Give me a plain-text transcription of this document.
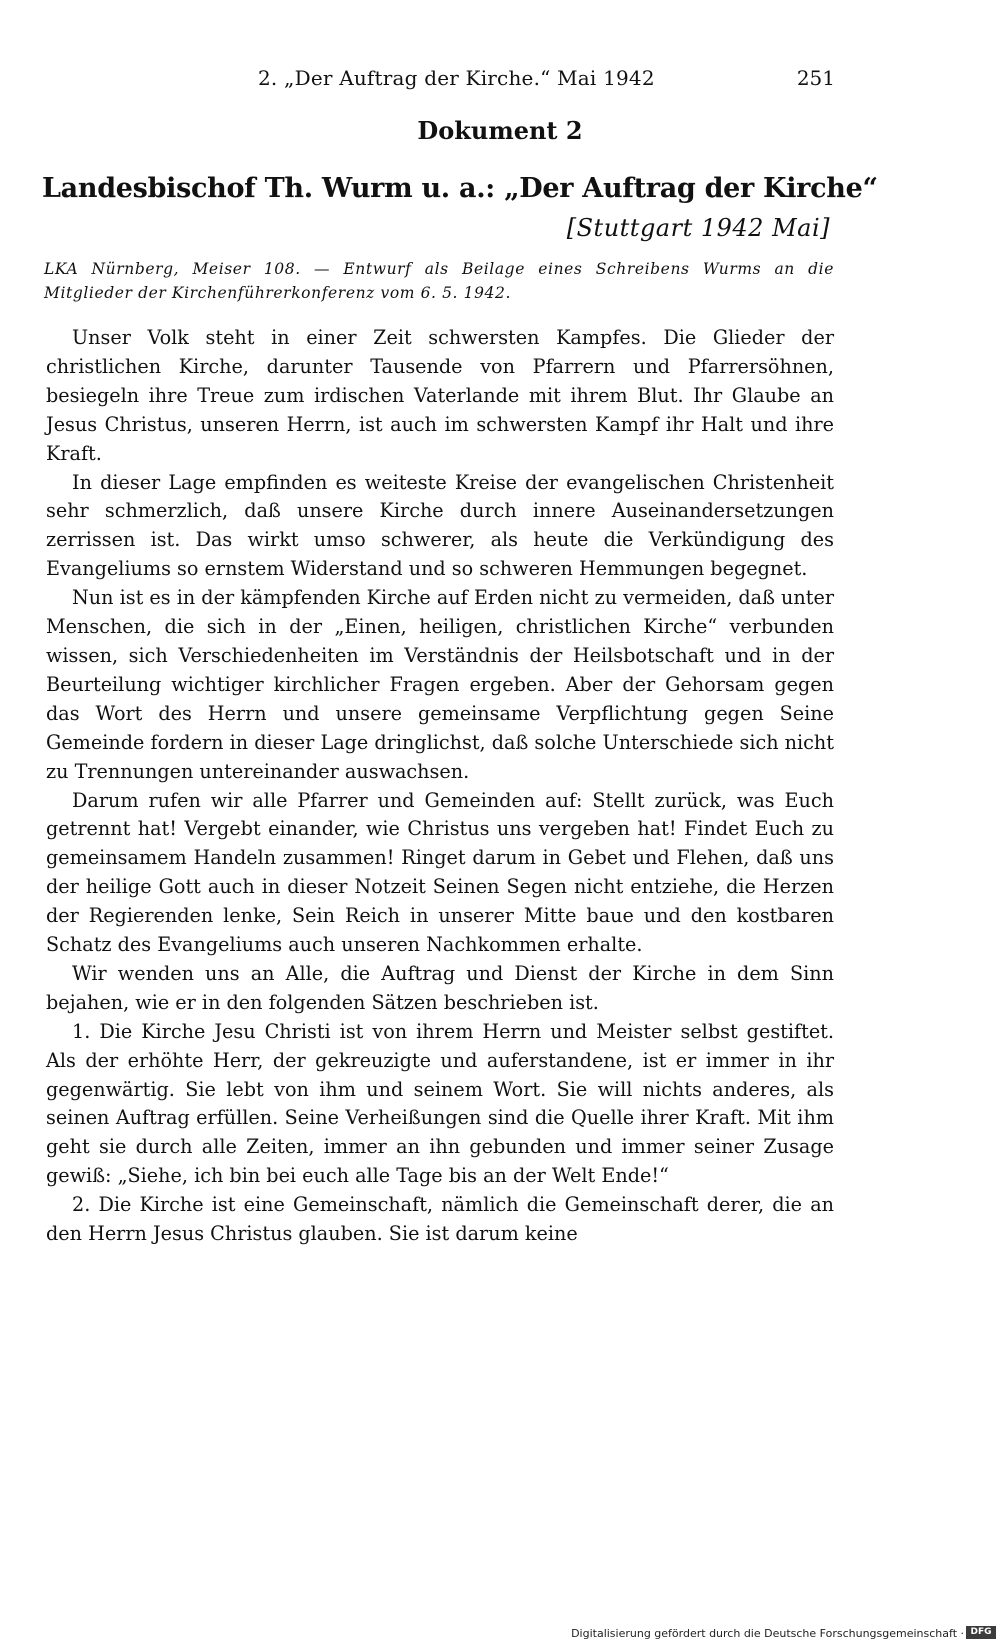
2. „Der Auftrag der Kirche.“ Mai 1942	251
Dokument 2
Landesbischof Th. Wurm u. a.: „Der Auftrag der Kirche“
[Stuttgart 1942 Mai]
LKA Nürnberg, Meiser 108. — Entwurf als Beilage eines Schreibens Wurms an die Mitglieder der Kirchenführerkonferenz vom 6. 5. 1942.

Unser Volk steht in einer Zeit schwersten Kampfes. Die Glieder der christlichen Kirche, darunter Tausende von Pfarrern und Pfarrersöhnen, besiegeln ihre Treue zum irdischen Vaterlande mit ihrem Blut. Ihr Glaube an Jesus Christus, unseren Herrn, ist auch im schwersten Kampf ihr Halt und ihre Kraft.

In dieser Lage empfinden es weiteste Kreise der evangelischen Christenheit sehr schmerzlich, daß unsere Kirche durch innere Auseinandersetzungen zerrissen ist. Das wirkt umso schwerer, als heute die Verkündigung des Evangeliums so ernstem Widerstand und so schweren Hemmungen begegnet.

Nun ist es in der kämpfenden Kirche auf Erden nicht zu vermeiden, daß unter Menschen, die sich in der „Einen, heiligen, christlichen Kirche“ verbunden wissen, sich Verschiedenheiten im Verständnis der Heilsbotschaft und in der Beurteilung wichtiger kirchlicher Fragen ergeben. Aber der Gehorsam gegen das Wort des Herrn und unsere gemeinsame Verpflichtung gegen Seine Gemeinde fordern in dieser Lage dringlichst, daß solche Unterschiede sich nicht zu Trennungen untereinander auswachsen.

Darum rufen wir alle Pfarrer und Gemeinden auf: Stellt zurück, was Euch getrennt hat! Vergebt einander, wie Christus uns vergeben hat! Findet Euch zu gemeinsamem Handeln zusammen! Ringet darum in Gebet und Flehen, daß uns der heilige Gott auch in dieser Notzeit Seinen Segen nicht entziehe, die Herzen der Regierenden lenke, Sein Reich in unserer Mitte baue und den kostbaren Schatz des Evangeliums auch unseren Nachkommen erhalte.

Wir wenden uns an Alle, die Auftrag und Dienst der Kirche in dem Sinn bejahen, wie er in den folgenden Sätzen beschrieben ist.

1. Die Kirche Jesu Christi ist von ihrem Herrn und Meister selbst gestiftet. Als der erhöhte Herr, der gekreuzigte und auferstandene, ist er immer in ihr gegenwärtig. Sie lebt von ihm und seinem Wort. Sie will nichts anderes, als seinen Auftrag erfüllen. Seine Verheißungen sind die Quelle ihrer Kraft. Mit ihm geht sie durch alle Zeiten, immer an ihn gebunden und immer seiner Zusage gewiß: „Siehe, ich bin bei euch alle Tage bis an der Welt Ende!“

2. Die Kirche ist eine Gemeinschaft, nämlich die Gemeinschaft derer, die an den Herrn Jesus Christus glauben. Sie ist darum keine

Digitalisierung gefördert durch die Deutsche Forschungsgemeinschaft · DFG
